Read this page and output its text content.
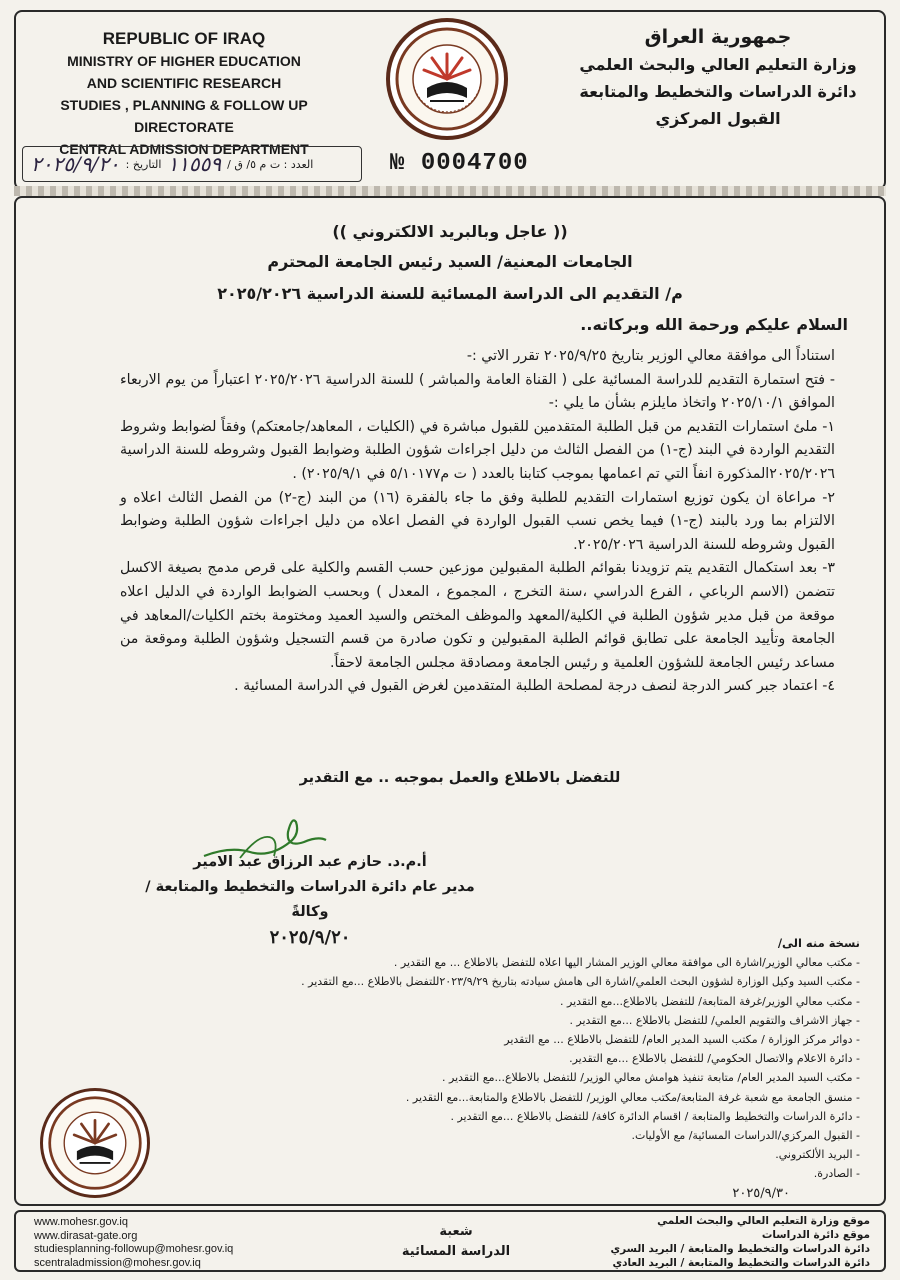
REPUBLIC OF IRAQ
MINISTRY OF HIGHER EDUCATION
AND SCIENTIFIC RESEARCH
STUDIES , PLANNING & FOLLOW UP DIRECTORATE
CENTRAL ADMISSION DEPARTMENT
جمهورية العراق
وزارة التعليم العالي والبحث العلمي
دائرة الدراسات والتخطيط والمتابعة
القبول المركزي
العدد : ت م ٥/ ق /
١١٥٥٩
التاريخ :
٢٠٢٥/٩/٢٠	№ 0004700
(( عاجل وبالبريد الالكتروني ))
الجامعات المعنية/ السيد رئيس الجامعة المحترم
م/ التقديم الى الدراسة المسائية للسنة الدراسية ٢٠٢٥/٢٠٢٦
السلام عليكم ورحمة الله وبركاته..

استناداً الى موافقة معالي الوزير بتاريخ ٢٠٢٥/٩/٢٥ تقرر الاتي :-

- فتح استمارة التقديم للدراسة المسائية على ( القناة العامة والمباشر ) للسنة الدراسية ٢٠٢٥/٢٠٢٦ اعتباراً من يوم الاربعاء الموافق ٢٠٢٥/١٠/١ واتخاذ مايلزم بشأن ما يلي :-

١- ملئ استمارات التقديم من قبل الطلبة المتقدمين للقبول مباشرة في (الكليات ، المعاهد/جامعتكم) وفقاً لضوابط وشروط التقديم الواردة في البند (ج-١) من الفصل الثالث من دليل اجراءات شؤون الطلبة وضوابط القبول وشروطه للسنة الدراسية ٢٠٢٥/٢٠٢٦المذكورة انفاً التي تم اعمامها بموجب كتابنا بالعدد ( ت م٥/١٠١٧٧ في ٢٠٢٥/٩/١) .

٢- مراعاة ان يكون توزيع استمارات التقديم للطلبة وفق ما جاء بالفقرة (١٦) من البند (ج-٢) من الفصل الثالث اعلاه و الالتزام بما ورد بالبند (ج-١) فيما يخص نسب القبول الواردة في الفصل اعلاه من دليل اجراءات شؤون الطلبة وضوابط القبول وشروطه للسنة الدراسية ٢٠٢٥/٢٠٢٦.

٣- بعد استكمال التقديم يتم تزويدنا بقوائم الطلبة المقبولين موزعين حسب القسم والكلية على قرص مدمج بصيغة الاكسل تتضمن (الاسم الرباعي ، الفرع الدراسي ،سنة التخرج ، المجموع ، المعدل ) وبحسب الضوابط الواردة في الدليل اعلاه موقعة من قبل مدير شؤون الطلبة في الكلية/المعهد والموظف المختص والسيد العميد ومختومة بختم الكليات/المعاهد في الجامعة وتأييد الجامعة على تطابق قوائم الطلبة المقبولين و تكون صادرة من قسم التسجيل وشؤون الطلبة وموقعة من مساعد رئيس الجامعة للشؤون العلمية و رئيس الجامعة ومصادقة مجلس الجامعة لاحقاً.

٤- اعتماد جبر كسر الدرجة لنصف درجة لمصلحة الطلبة المتقدمين لغرض القبول في الدراسة المسائية .

للتفضل بالاطلاع والعمل بموجبه .. مع التقدير
أ.م.د. حازم عبد الرزاق عبد الامير
مدير عام دائرة الدراسات والتخطيط والمتابعة / وكالةً
٢٠٢٥/٩/٢٠	نسخة منه الى/
- مكتب معالي الوزير/اشارة الى موافقة معالي الوزير المشار اليها اعلاه للتفضل بالاطلاع ... مع التقدير .
- مكتب السيد وكيل الوزارة لشؤون البحث العلمي/اشارة الى هامش سيادته بتاريخ ٢٠٢٣/٩/٢٩للتفضل بالاطلاع ...مع التقدير .
- مكتب معالي الوزير/غرفة المتابعة/ للتفضل بالاطلاع...مع التقدير .
- جهاز الاشراف والتقويم العلمي/ للتفضل بالاطلاع ...مع التقدير .
- دوائر مركز الوزارة / مكتب السيد المدير العام/ للتفضل بالاطلاع ... مع التقدير
- دائرة الاعلام والاتصال الحكومي/ للتفضل بالاطلاع ...مع التقدير.
- مكتب السيد المدير العام/ متابعة تنفيذ هوامش معالي الوزير/ للتفضل بالاطلاع...مع التقدير .
- منسق الجامعة مع شعبة غرفة المتابعة/مكتب معالي الوزير/ للتفضل بالاطلاع والمتابعة...مع التقدير .
- دائرة الدراسات والتخطيط والمتابعة / اقسام الدائرة كافة/ للتفضل بالاطلاع ...مع التقدير .
- القبول المركزي/الدراسات المسائية/ مع الأوليات.
- البريد الألكتروني.
- الصادرة.
٢٠٢٥/٩/٣٠
www.mohesr.gov.iq
www.dirasat-gate.org
studiesplanning-followup@mohesr.gov.iq
scentraladmission@mohesr.gov.iq
شعبة
الدراسة المسائية
موقع وزارة التعليم العالي والبحث العلمي
موقع دائرة الدراسات
دائرة الدراسات والتخطيط والمتابعة / البريد السري
دائرة الدراسات والتخطيط والمتابعة / البريد العادي
